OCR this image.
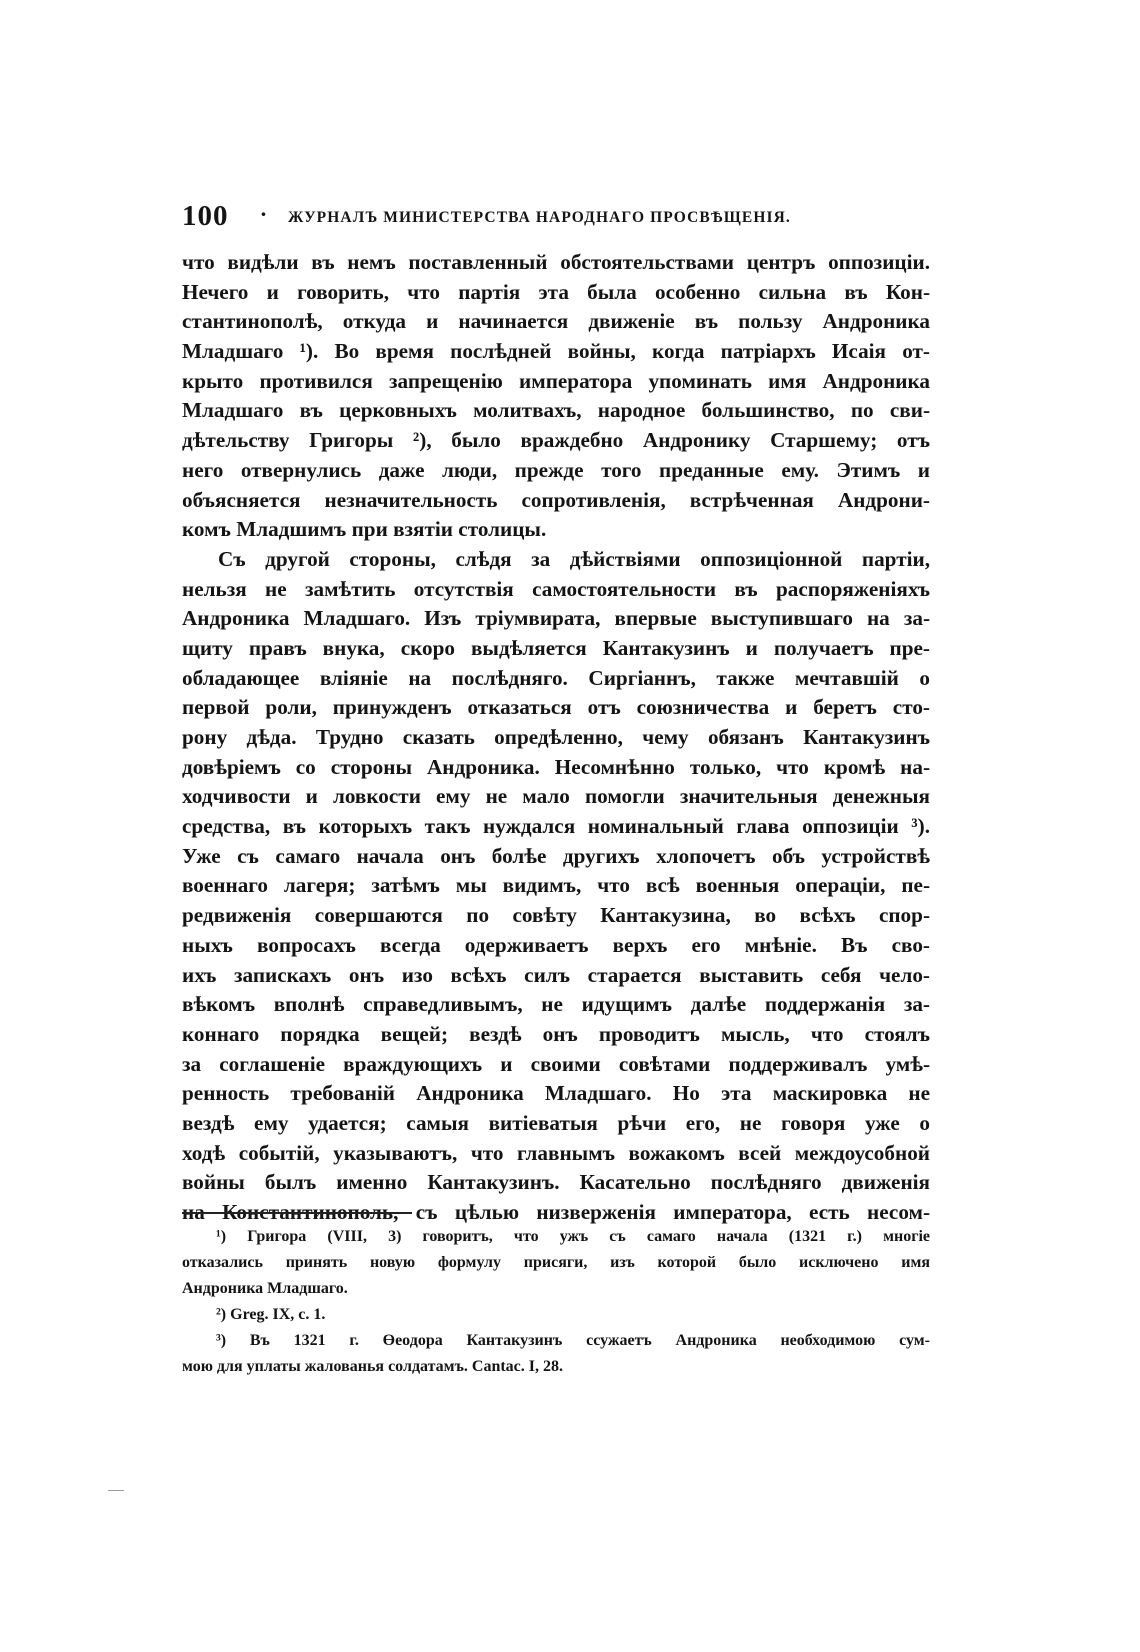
100 · ЖУРНАЛЪ МИНИСТЕРСТВА НАРОДНАГО ПРОСВѢЩЕНІЯ.
что видѣли въ немъ поставленный обстоятельствами центръ оппозиціи.
Нечего и говорить, что партія эта была особенно сильна въ Кон-
стантинополѣ, откуда и начинается движеніе въ пользу Андроника
Младшаго ¹). Во время послѣдней войны, когда патріархъ Исаія от-
крыто противился запрещенію императора упоминать имя Андроника
Младшаго въ церковныхъ молитвахъ, народное большинство, по сви-
дѣтельству Григоры ²), было враждебно Андронику Старшему; отъ
него отвернулись даже люди, прежде того преданные ему. Этимъ и
объясняется незначительность сопротивленія, встрѣченная Андрони-
комъ Младшимъ при взятіи столицы.
Съ другой стороны, слѣдя за дѣйствіями оппозиціонной партіи,
нельзя не замѣтить отсутствія самостоятельности въ распоряженіяхъ
Андроника Младшаго. Изъ тріумвирата, впервые выступившаго на за-
щиту правъ внука, скоро выдѣляется Кантакузинъ и получаетъ пре-
обладающее вліяніе на послѣдняго. Сиргіаннъ, также мечтавшій о
первой роли, принужденъ отказаться отъ союзничества и беретъ сто-
рону дѣда. Трудно сказать опредѣленно, чему обязанъ Кантакузинъ
довѣріемъ со стороны Андроника. Несомнѣнно только, что кромѣ на-
ходчивости и ловкости ему не мало помогли значительныя денежныя
средства, въ которыхъ такъ нуждался номинальный глава оппозиціи ³).
Уже съ самаго начала онъ болѣе другихъ хлопочетъ объ устройствѣ
военнаго лагеря; затѣмъ мы видимъ, что всѣ военныя операціи, пе-
редвиженія совершаются по совѣту Кантакузина, во всѣхъ спор-
ныхъ вопросахъ всегда одерживаетъ верхъ его мнѣніе. Въ сво-
ихъ запискахъ онъ изо всѣхъ силъ старается выставить себя чело-
вѣкомъ вполнѣ справедливымъ, не идущимъ далѣе поддержанія за-
коннаго порядка вещей; вездѣ онъ проводитъ мысль, что стоялъ
за соглашеніе враждующихъ и своими совѣтами поддерживалъ умѣ-
ренность требованій Андроника Младшаго. Но эта маскировка не
вездѣ ему удается; самыя витіеватыя рѣчи его, не говоря уже о
ходѣ событій, указываютъ, что главнымъ вожакомъ всей междоусобной
войны былъ именно Кантакузинъ. Касательно послѣдняго движенія
на Константинополь, съ цѣлью низверженія императора, есть несом-
¹) Григора (VIII, 3) говоритъ, что ужъ съ самаго начала (1321 г.) многіе
отказались принять новую формулу присяги, изъ которой было исключено имя
Андроника Младшаго.
²) Greg. IX, c. 1.
³) Въ 1321 г. Өеодора Кантакузинъ ссужаетъ Андроника необходимою сум-
мою для уплаты жалованья солдатамъ. Cantac. I, 28.
